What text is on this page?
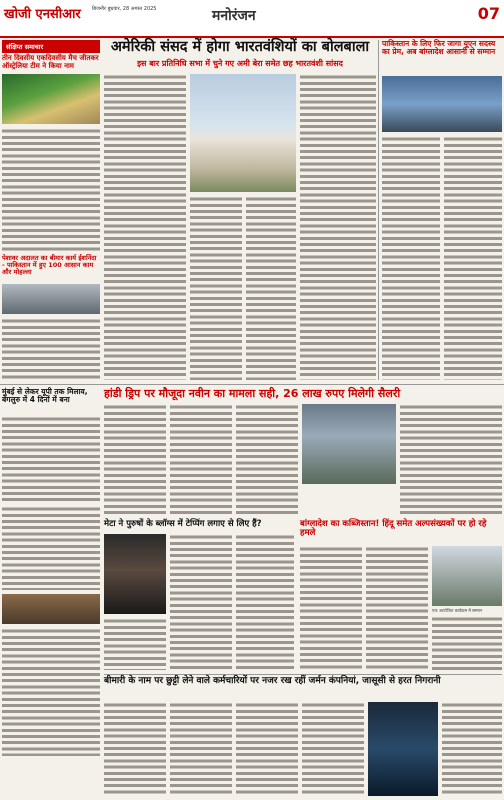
खोजी एनसीआर बिजनौर बुधवार, 28 अगस्त 2025	मनोरंजन	07
संक्षिप्त समाचार
तीन दिवसीय एकदिवसीय मैच जीतकर ऑस्ट्रेलिया टीम ने किया नाम
पेशावर अदालत का बीमार कार्य ईशनिंदा - पाकिस्तान में हुए 100 आसान काम और मोहल्ला
अमेरिकी संसद में होगा भारतवंशियों का बोलबाला
इस बार प्रतिनिधि सभा में चुने गए अमी बेरा समेत छह भारतवंशी सांसद
पाकिस्तान के लिए फिर जागा यूएन सदस्य का प्रेम, अब बांग्लादेश आसानी से सम्मान
मुंबई से लेकर यूपी तक मिलाव, बेंगलुरु में 4 दिनों में बना	हांडी ड्रिप पर मौजूदा नवीन का मामला सही, 26 लाख रुपए मिलेगी सैलरी
मेटा ने पुरुषों के ब्लॉग्स में टेप्पिंग लगाए से लिए हैं?	बांग्लादेश का कब्जिस्तान! हिंदू समेत अल्पसंख्यकों पर हो रहे हमले
एक आयोजित कार्यक्रम में सम्मान
बीमारी के नाम पर छुट्टी लेने वाले कर्मचारियों पर नजर रख रहीं जर्मन कंपनियां, जासूसी से हरत निगरानी
